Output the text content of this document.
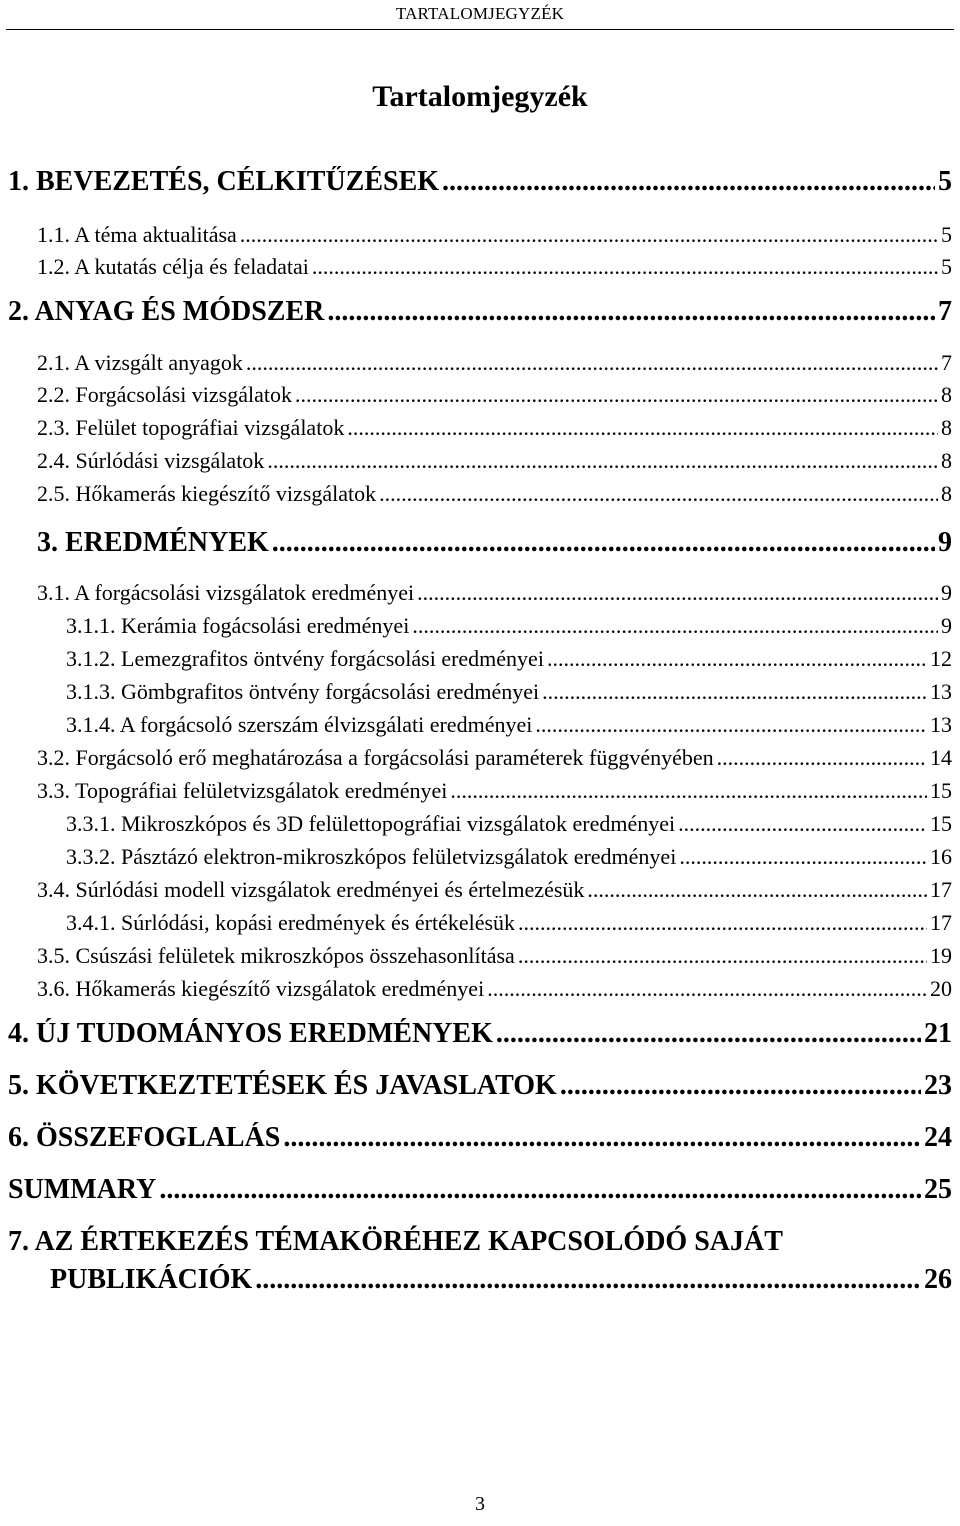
TARTALOMJEGYZÉK
Tartalomjegyzék
1. BEVEZETÉS, CÉLKITŰZÉSEK .....	5
1.1. A téma aktualitása .....	5
1.2. A kutatás célja és feladatai .....	5
2. ANYAG ÉS MÓDSZER .....	7
2.1. A vizsgált anyagok .....	7
2.2. Forgácsolási vizsgálatok .....	8
2.3. Felület topográfiai vizsgálatok .....	8
2.4. Súrlódási vizsgálatok .....	8
2.5. Hőkamerás kiegészítő vizsgálatok .....	8
3. EREDMÉNYEK .....	9
3.1. A forgácsolási vizsgálatok eredményei .....	9
3.1.1. Kerámia fogácsolási eredményei .....	9
3.1.2. Lemezgrafitos öntvény forgácsolási eredményei .....	12
3.1.3. Gömbgrafitos öntvény forgácsolási eredményei .....	13
3.1.4. A forgácsoló szerszám élvizsgálati eredményei .....	13
3.2. Forgácsoló erő meghatározása a forgácsolási paraméterek függvényében .....	14
3.3. Topográfiai felületvizsgálatok eredményei .....	15
3.3.1. Mikroszkópos és 3D felülettopográfiai vizsgálatok eredményei .....	15
3.3.2. Pásztázó elektron-mikroszkópos felületvizsgálatok eredményei .....	16
3.4. Súrlódási modell vizsgálatok eredményei és értelmezésük .....	17
3.4.1. Súrlódási, kopási eredmények és értékelésük .....	17
3.5. Csúszási felületek mikroszkópos összehasonlítása .....	19
3.6. Hőkamerás kiegészítő vizsgálatok eredményei .....	20
4. ÚJ TUDOMÁNYOS EREDMÉNYEK .....	21
5. KÖVETKEZTETÉSEK ÉS JAVASLATOK .....	23
6. ÖSSZEFOGLALÁS .....	24
SUMMARY .....	25
7. AZ ÉRTEKEZÉS TÉMAKÖRÉHEZ KAPCSOLÓDÓ SAJÁT
PUBLIKÁCIÓK .....	26
3
